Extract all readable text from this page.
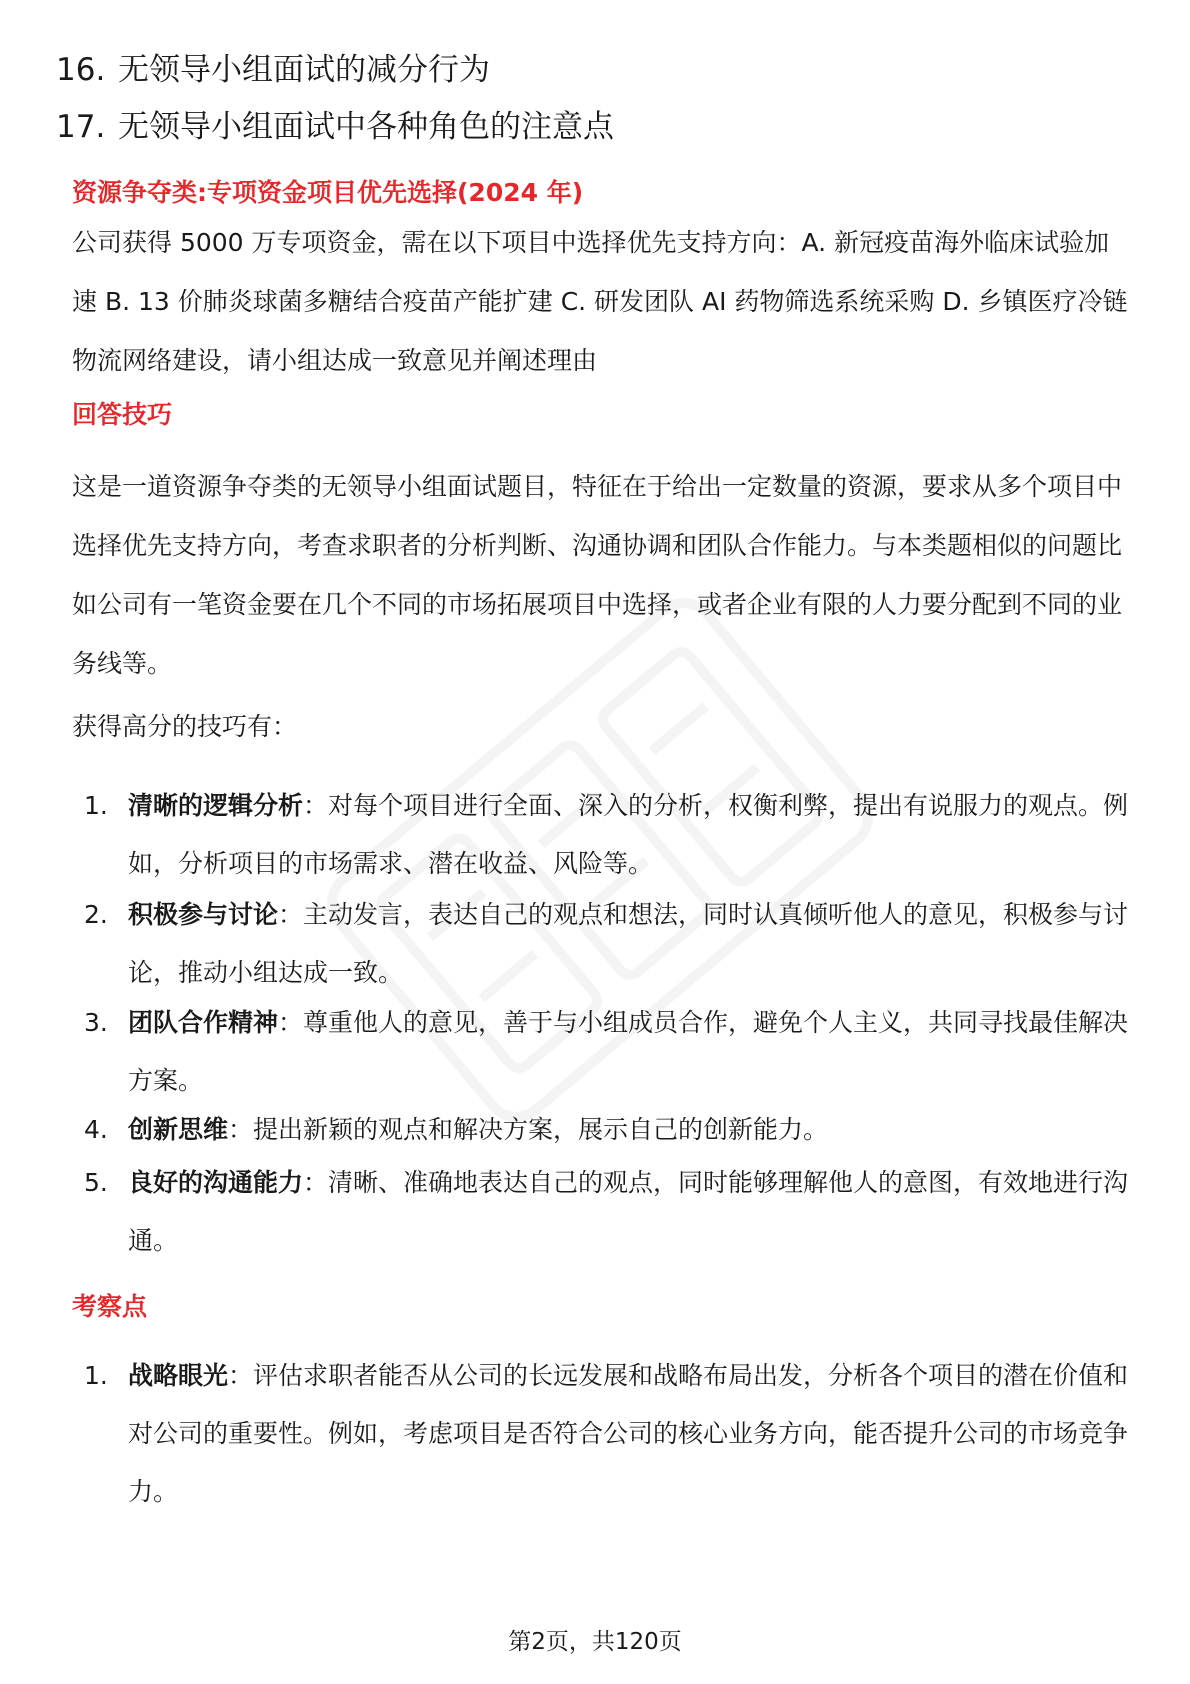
16. 无领导小组面试的减分行为
17. 无领导小组面试中各种角色的注意点
资源争夺类:专项资金项目优先选择(2024 年)
公司获得 5000 万专项资金，需在以下项目中选择优先支持方向：A. 新冠疫苗海外临床试验加速 B. 13 价肺炎球菌多糖结合疫苗产能扩建 C. 研发团队 AI 药物筛选系统采购 D. 乡镇医疗冷链物流网络建设，请小组达成一致意见并阐述理由
回答技巧
这是一道资源争夺类的无领导小组面试题目，特征在于给出一定数量的资源，要求从多个项目中选择优先支持方向，考查求职者的分析判断、沟通协调和团队合作能力。与本类题相似的问题比如公司有一笔资金要在几个不同的市场拓展项目中选择，或者企业有限的人力要分配到不同的业务线等。
获得高分的技巧有：
1. 清晰的逻辑分析：对每个项目进行全面、深入的分析，权衡利弊，提出有说服力的观点。例如，分析项目的市场需求、潜在收益、风险等。
2. 积极参与讨论：主动发言，表达自己的观点和想法，同时认真倾听他人的意见，积极参与讨论，推动小组达成一致。
3. 团队合作精神：尊重他人的意见，善于与小组成员合作，避免个人主义，共同寻找最佳解决方案。
4. 创新思维：提出新颖的观点和解决方案，展示自己的创新能力。
5. 良好的沟通能力：清晰、准确地表达自己的观点，同时能够理解他人的意图，有效地进行沟通。
考察点
1. 战略眼光：评估求职者能否从公司的长远发展和战略布局出发，分析各个项目的潜在价值和对公司的重要性。例如，考虑项目是否符合公司的核心业务方向，能否提升公司的市场竞争力。
第2页，共120页
